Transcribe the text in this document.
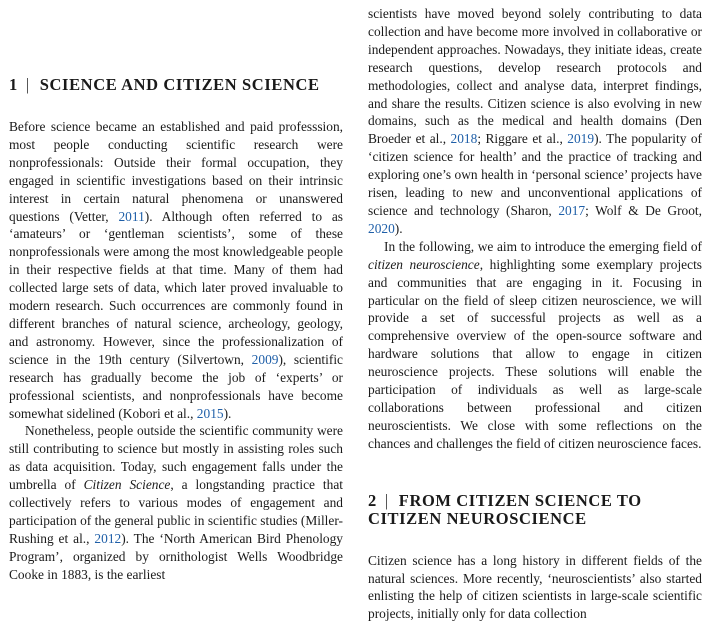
1 | SCIENCE AND CITIZEN SCIENCE

Before science became an established and paid professsion, most people conducting scientific research were nonprofessionals: Outside their formal occupation, they engaged in scientific investigations based on their intrinsic interest in certain natural phenomena or unanswered questions (Vetter, 2011). Although often referred to as ‘amateurs’ or ‘gentleman scientists’, some of these nonprofessionals were among the most knowledgeable people in their respective fields at that time. Many of them had collected large sets of data, which later proved invaluable to modern research. Such occurrences are commonly found in different branches of natural science, archeology, geology, and astronomy. However, since the professionalization of science in the 19th century (Silvertown, 2009), scientific research has gradually become the job of ‘experts’ or professional scientists, and nonprofessionals have become somewhat sidelined (Kobori et al., 2015).

Nonetheless, people outside the scientific community were still contributing to science but mostly in assisting roles such as data acquisition. Today, such engagement falls under the umbrella of Citizen Science, a longstanding practice that collectively refers to various modes of engagement and participation of the general public in scientific studies (Miller-Rushing et al., 2012). The ‘North American Bird Phenology Program’, organized by ornithologist Wells Woodbridge Cooke in 1883, is the earliest

scientists have moved beyond solely contributing to data collection and have become more involved in collaborative or independent approaches. Nowadays, they initiate ideas, create research questions, develop research protocols and methodologies, collect and analyse data, interpret findings, and share the results. Citizen science is also evolving in new domains, such as the medical and health domains (Den Broeder et al., 2018; Riggare et al., 2019). The popularity of ‘citizen science for health’ and the practice of tracking and exploring one’s own health in ‘personal science’ projects have risen, leading to new and unconventional applications of science and technology (Sharon, 2017; Wolf & De Groot, 2020).

In the following, we aim to introduce the emerging field of citizen neuroscience, highlighting some exemplary projects and communities that are engaging in it. Focusing in particular on the field of sleep citizen neuroscience, we will provide a set of successful projects as well as a comprehensive overview of the open-source software and hardware solutions that allow to engage in citizen neuroscience projects. These solutions will enable the participation of individuals as well as large-scale collaborations between professional and citizen neuroscientists. We close with some reflections on the chances and challenges the field of citizen neuroscience faces.

2 | FROM CITIZEN SCIENCE TO CITIZEN NEUROSCIENCE

Citizen science has a long history in different fields of the natural sciences. More recently, ‘neuroscientists’ also started enlisting the help of citizen scientists in large-scale scientific projects, initially only for data collection
